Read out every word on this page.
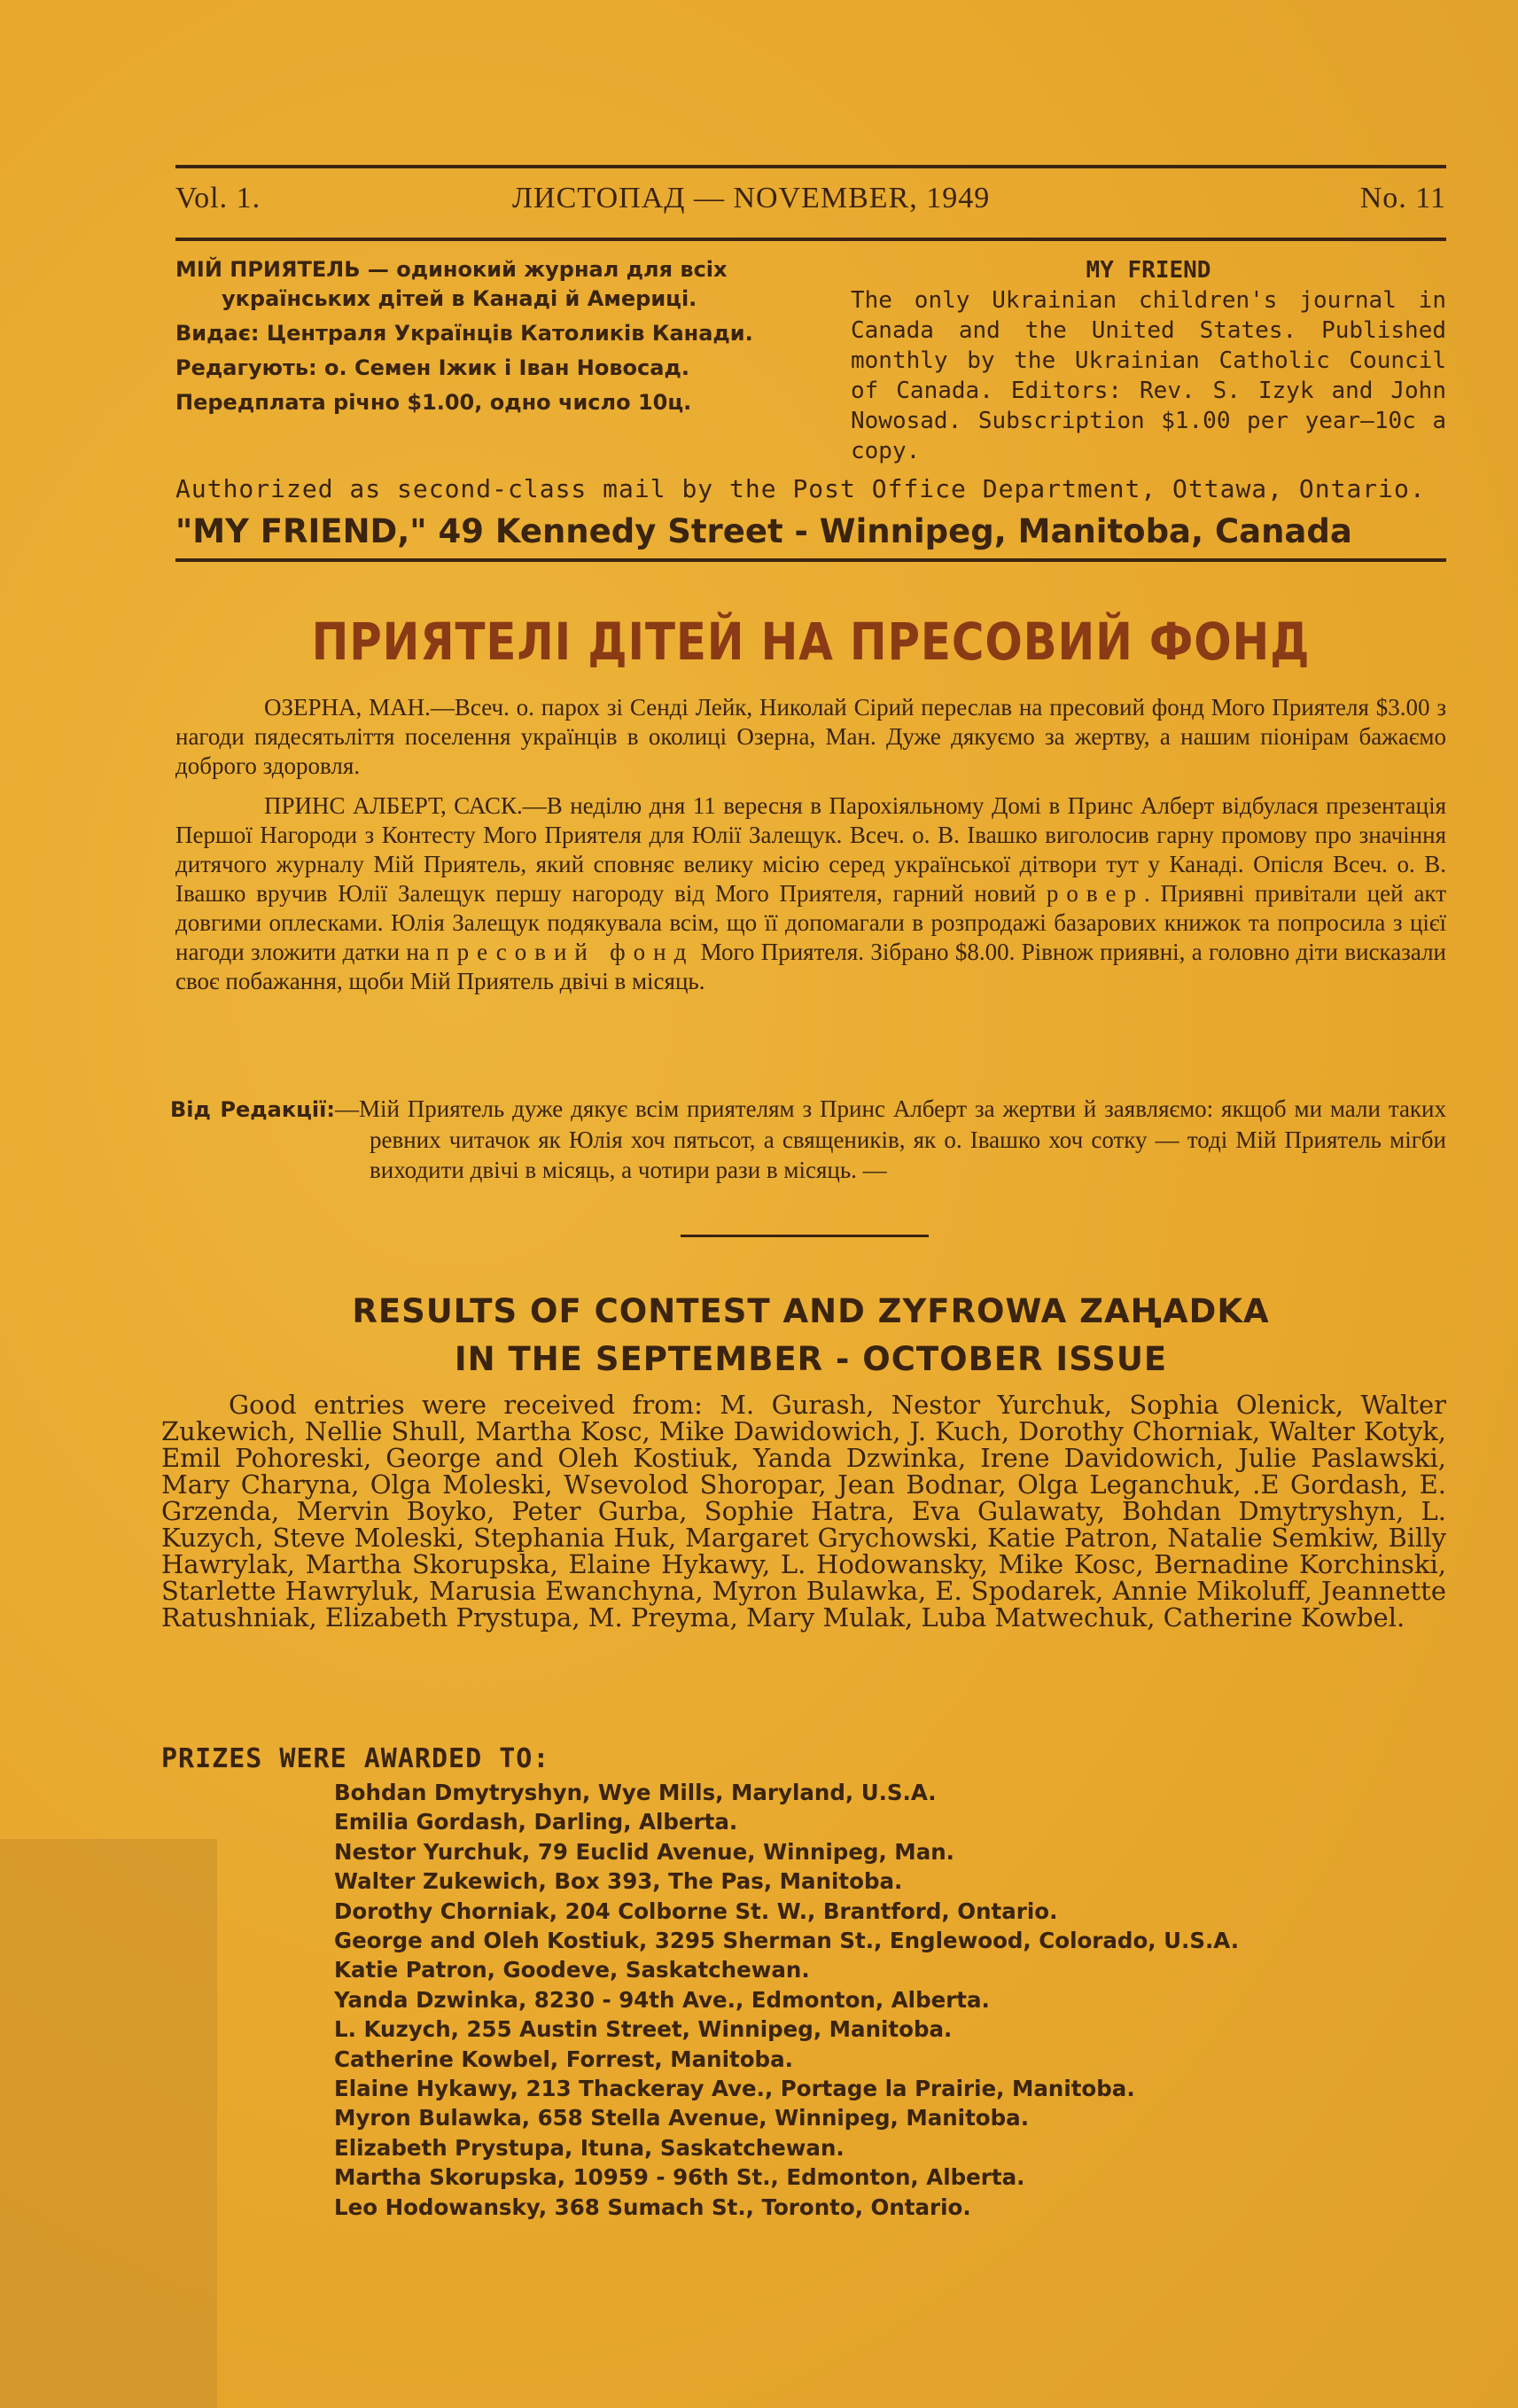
Vol. 1.	ЛИСТОПАД — NOVEMBER, 1949	No. 11

МІЙ ПРИЯТЕЛЬ — одинокий журнал для всіх українських дітей в Канаді й Америці.

Видає: Централя Українців Католиків Канади.

Редагують: о. Семен Іжик і Іван Новосад.

Передплата річно $1.00, одно число 10ц.

MY FRIEND
The only Ukrainian children's journal in Canada and the United States. Published monthly by the Ukrainian Catholic Council of Canada. Editors: Rev. S. Izyk and John Nowosad. Subscription $1.00 per year—10c a copy.
Authorized as second-class mail by the Post Office Department, Ottawa, Ontario.
"MY FRIEND," 49 Kennedy Street - Winnipeg, Manitoba, Canada
ПРИЯТЕЛІ ДІТЕЙ НА ПРЕСОВИЙ ФОНД

ОЗЕРНА, МАН.—Всеч. о. парох зі Сенді Лейк, Николай Сірий переслав на пресовий фонд Мого Приятеля $3.00 з нагоди пядесятьліття поселення українців в околиці Озерна, Ман. Дуже дякуємо за жертву, а нашим піонірам бажаємо доброго здоровля.

ПРИНС АЛБЕРТ, САСК.—В неділю дня 11 вересня в Парохіяльному Домі в Принс Алберт відбулася презентація Першої Нагороди з Контесту Мого Приятеля для Юлії Залещук. Всеч. о. В. Івашко виголосив гарну промову про значіння дитячого журналу Мій Приятель, який сповняє велику місію серед української дітвори тут у Канаді. Опісля Всеч. о. В. Івашко вручив Юлії Залещук першу нагороду від Мого Приятеля, гарний новий ровер. Приявні привітали цей акт довгими оплесками. Юлія Залещук подякувала всім, що її допомагали в розпродажі базарових книжок та попросила з цієї нагоди зложити датки на пресовий фонд Мого Приятеля. Зібрано $8.00. Рівнож приявні, а головно діти висказали своє побажання, щоби Мій Приятель двічі в місяць.

Від Редакції:—Мій Приятель дуже дякує всім приятелям з Принс Алберт за жертви й заявляємо: якщоб ми мали таких ревних читачок як Юлія хоч пятьсот, а священиків, як о. Івашко хоч сотку — тоді Мій Приятель мігби виходити двічі в місяць, а чотири рази в місяць. —
RESULTS OF CONTEST AND ZYFROWA ZAҢADKA
IN THE SEPTEMBER - OCTOBER ISSUE
Good entries were received from: M. Gurash, Nestor Yurchuk, Sophia Olenick, Walter Zukewich, Nellie Shull, Martha Kosc, Mike Dawidowich, J. Kuch, Dorothy Chorniak, Walter Kotyk, Emil Pohoreski, George and Oleh Kostiuk, Yanda Dzwinka, Irene Davidowich, Julie Paslawski, Mary Charyna, Olga Moleski, Wsevolod Shoropar, Jean Bodnar, Olga Leganchuk, .E Gordash, E. Grzenda, Mervin Boyko, Peter Gurba, Sophie Hatra, Eva Gulawaty, Bohdan Dmytryshyn, L. Kuzych, Steve Moleski, Stephania Huk, Margaret Grychowski, Katie Patron, Natalie Semkiw, Billy Hawrylak, Martha Skorupska, Elaine Hykawy, L. Hodowansky, Mike Kosc, Bernadine Korchinski, Starlette Hawryluk, Marusia Ewanchyna, Myron Bulawka, E. Spodarek, Annie Mikoluff, Jeannette Ratushniak, Elizabeth Prystupa, M. Preyma, Mary Mulak, Luba Matwechuk, Catherine Kowbel.
PRIZES WERE AWARDED TO:
Bohdan Dmytryshyn, Wye Mills, Maryland, U.S.A.
Emilia Gordash, Darling, Alberta.
Nestor Yurchuk, 79 Euclid Avenue, Winnipeg, Man.
Walter Zukewich, Box 393, The Pas, Manitoba.
Dorothy Chorniak, 204 Colborne St. W., Brantford, Ontario.
George and Oleh Kostiuk, 3295 Sherman St., Englewood, Colorado, U.S.A.
Katie Patron, Goodeve, Saskatchewan.
Yanda Dzwinka, 8230 - 94th Ave., Edmonton, Alberta.
L. Kuzych, 255 Austin Street, Winnipeg, Manitoba.
Catherine Kowbel, Forrest, Manitoba.
Elaine Hykawy, 213 Thackeray Ave., Portage la Prairie, Manitoba.
Myron Bulawka, 658 Stella Avenue, Winnipeg, Manitoba.
Elizabeth Prystupa, Ituna, Saskatchewan.
Martha Skorupska, 10959 - 96th St., Edmonton, Alberta.
Leo Hodowansky, 368 Sumach St., Toronto, Ontario.
